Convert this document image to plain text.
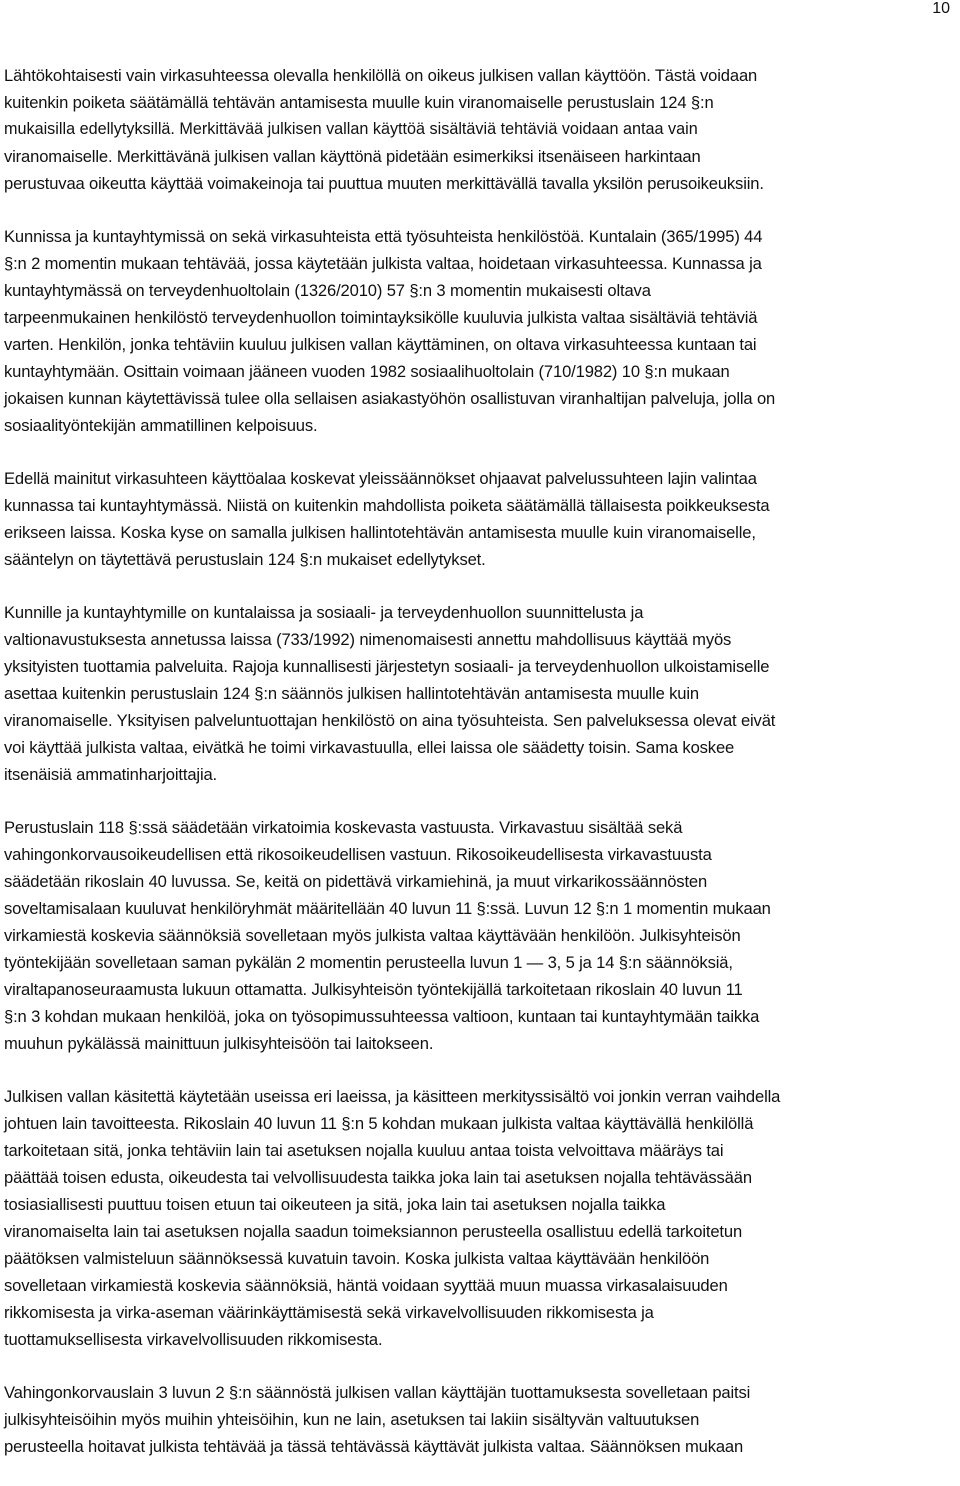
10

Lähtökohtaisesti vain virkasuhteessa olevalla henkilöllä on oikeus julkisen vallan käyttöön. Tästä voidaan
kuitenkin poiketa säätämällä tehtävän antamisesta muulle kuin viranomaiselle perustuslain 124 §:n
mukaisilla edellytyksillä. Merkittävää julkisen vallan käyttöä sisältäviä tehtäviä voidaan antaa vain
viranomaiselle. Merkittävänä julkisen vallan käyttönä pidetään esimerkiksi itsenäiseen harkintaan
perustuvaa oikeutta käyttää voimakeinoja tai puuttua muuten merkittävällä tavalla yksilön perusoikeuksiin.

Kunnissa ja kuntayhtymissä on sekä virkasuhteista että työsuhteista henkilöstöä. Kuntalain (365/1995) 44
§:n 2 momentin mukaan tehtävää, jossa käytetään julkista valtaa, hoidetaan virkasuhteessa. Kunnassa ja
kuntayhtymässä on terveydenhuoltolain (1326/2010) 57 §:n 3 momentin mukaisesti oltava
tarpeenmukainen henkilöstö terveydenhuollon toimintayksikölle kuuluvia julkista valtaa sisältäviä tehtäviä
varten. Henkilön, jonka tehtäviin kuuluu julkisen vallan käyttäminen, on oltava virkasuhteessa kuntaan tai
kuntayhtymään. Osittain voimaan jääneen vuoden 1982 sosiaalihuoltolain (710/1982) 10 §:n mukaan
jokaisen kunnan käytettävissä tulee olla sellaisen asiakastyöhön osallistuvan viranhaltijan palveluja, jolla on
sosiaalityöntekijän ammatillinen kelpoisuus.

Edellä mainitut virkasuhteen käyttöalaa koskevat yleissäännökset ohjaavat palvelussuhteen lajin valintaa
kunnassa tai kuntayhtymässä. Niistä on kuitenkin mahdollista poiketa säätämällä tällaisesta poikkeuksesta
erikseen laissa. Koska kyse on samalla julkisen hallintotehtävän antamisesta muulle kuin viranomaiselle,
sääntelyn on täytettävä perustuslain 124 §:n mukaiset edellytykset.

Kunnille ja kuntayhtymille on kuntalaissa ja sosiaali- ja terveydenhuollon suunnittelusta ja
valtionavustuksesta annetussa laissa (733/1992) nimenomaisesti annettu mahdollisuus käyttää myös
yksityisten tuottamia palveluita. Rajoja kunnallisesti järjestetyn sosiaali- ja terveydenhuollon ulkoistamiselle
asettaa kuitenkin perustuslain 124 §:n säännös julkisen hallintotehtävän antamisesta muulle kuin
viranomaiselle. Yksityisen palveluntuottajan henkilöstö on aina työsuhteista. Sen palveluksessa olevat eivät
voi käyttää julkista valtaa, eivätkä he toimi virkavastuulla, ellei laissa ole säädetty toisin. Sama koskee
itsenäisiä ammatinharjoittajia.

Perustuslain 118 §:ssä säädetään virkatoimia koskevasta vastuusta. Virkavastuu sisältää sekä
vahingonkorvausoikeudellisen että rikosoikeudellisen vastuun. Rikosoikeudellisesta virkavastuusta
säädetään rikoslain 40 luvussa. Se, keitä on pidettävä virkamiehinä, ja muut virkarikossäännösten
soveltamisalaan kuuluvat henkilöryhmät määritellään 40 luvun 11 §:ssä. Luvun 12 §:n 1 momentin mukaan
virkamiestä koskevia säännöksiä sovelletaan myös julkista valtaa käyttävään henkilöön. Julkisyhteisön
työntekijään sovelletaan saman pykälän 2 momentin perusteella luvun 1 — 3, 5 ja 14 §:n säännöksiä,
viraltapanoseuraamusta lukuun ottamatta. Julkisyhteisön työntekijällä tarkoitetaan rikoslain 40 luvun 11
§:n 3 kohdan mukaan henkilöä, joka on työsopimussuhteessa valtioon, kuntaan tai kuntayhtymään taikka
muuhun pykälässä mainittuun julkisyhteisöön tai laitokseen.

Julkisen vallan käsitettä käytetään useissa eri laeissa, ja käsitteen merkityssisältö voi jonkin verran vaihdella
johtuen lain tavoitteesta. Rikoslain 40 luvun 11 §:n 5 kohdan mukaan julkista valtaa käyttävällä henkilöllä
tarkoitetaan sitä, jonka tehtäviin lain tai asetuksen nojalla kuuluu antaa toista velvoittava määräys tai
päättää toisen edusta, oikeudesta tai velvollisuudesta taikka joka lain tai asetuksen nojalla tehtävässään
tosiasiallisesti puuttuu toisen etuun tai oikeuteen ja sitä, joka lain tai asetuksen nojalla taikka
viranomaiselta lain tai asetuksen nojalla saadun toimeksiannon perusteella osallistuu edellä tarkoitetun
päätöksen valmisteluun säännöksessä kuvatuin tavoin. Koska julkista valtaa käyttävään henkilöön
sovelletaan virkamiestä koskevia säännöksiä, häntä voidaan syyttää muun muassa virkasalaisuuden
rikkomisesta ja virka-aseman väärinkäyttämisestä sekä virkavelvollisuuden rikkomisesta ja
tuottamuksellisesta virkavelvollisuuden rikkomisesta.

Vahingonkorvauslain 3 luvun 2 §:n säännöstä julkisen vallan käyttäjän tuottamuksesta sovelletaan paitsi
julkisyhteisöihin myös muihin yhteisöihin, kun ne lain, asetuksen tai lakiin sisältyvän valtuutuksen
perusteella hoitavat julkista tehtävää ja tässä tehtävässä käyttävät julkista valtaa. Säännöksen mukaan
